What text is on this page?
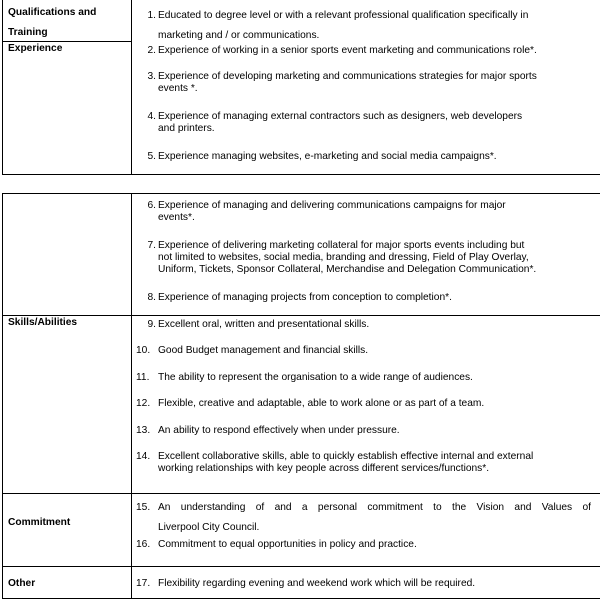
Qualifications and
Training
Experience
1. Educated to degree level or with a relevant professional qualification specifically in
marketing and / or communications.
2. Experience of working in a senior sports event marketing and communications role*.
3. Experience of developing marketing and communications strategies for major sports
events *.
4. Experience of managing external contractors such as designers, web developers
and printers.
5. Experience managing websites, e-marketing and social media campaigns*.
Skills/Abilities
Commitment
Other
6. Experience of managing and delivering communications campaigns for major
events*.
7. Experience of delivering marketing collateral for major sports events including but
not limited to websites, social media, branding and dressing, Field of Play Overlay,
Uniform, Tickets, Sponsor Collateral, Merchandise and Delegation Communication*.
8. Experience of managing projects from conception to completion*.
9. Excellent oral, written and presentational skills.
10. Good Budget management and financial skills.
11. The ability to represent the organisation to a wide range of audiences.
12. Flexible, creative and adaptable, able to work alone or as part of a team.
13. An ability to respond effectively when under pressure.
14. Excellent collaborative skills, able to quickly establish effective internal and external
working relationships with key people across different services/functions*.
15. An understanding of and a personal commitment to the Vision and Values of
Liverpool City Council.
16. Commitment to equal opportunities in policy and practice.
17. Flexibility regarding evening and weekend work which will be required.
